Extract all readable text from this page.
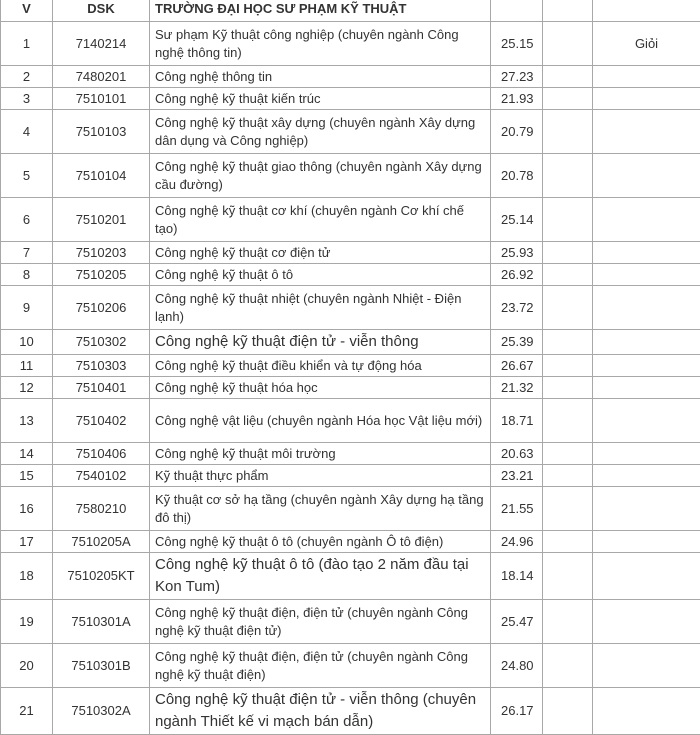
V	DSK	TRƯỜNG ĐẠI HỌC SƯ PHẠM KỸ THUẬT			
1	7140214	Sư phạm Kỹ thuật công nghiệp (chuyên ngành Công nghệ thông tin)	25.15		Giỏi
2	7480201	Công nghệ thông tin	27.23		
3	7510101	Công nghệ kỹ thuật kiến trúc	21.93		
4	7510103	Công nghệ kỹ thuật xây dựng (chuyên ngành Xây dựng dân dụng và Công nghiệp)	20.79		
5	7510104	Công nghệ kỹ thuật giao thông (chuyên ngành Xây dựng cầu đường)	20.78		
6	7510201	Công nghệ kỹ thuật cơ khí (chuyên ngành Cơ khí chế tạo)	25.14		
7	7510203	Công nghệ kỹ thuật cơ điện tử	25.93		
8	7510205	Công nghệ kỹ thuật ô tô	26.92		
9	7510206	Công nghệ kỹ thuật nhiệt (chuyên ngành Nhiệt - Điện lạnh)	23.72		
10	7510302	Công nghệ kỹ thuật điện tử - viễn thông	25.39		
11	7510303	Công nghệ kỹ thuật điều khiển và tự động hóa	26.67		
12	7510401	Công nghệ kỹ thuật hóa học	21.32		
13	7510402	Công nghệ vật liệu (chuyên ngành Hóa học Vật liệu mới)	18.71		
14	7510406	Công nghệ kỹ thuật môi trường	20.63		
15	7540102	Kỹ thuật thực phẩm	23.21		
16	7580210	Kỹ thuật cơ sở hạ tầng (chuyên ngành Xây dựng hạ tầng đô thị)	21.55		
17	7510205A	Công nghệ kỹ thuật ô tô (chuyên ngành Ô tô điện)	24.96		
18	7510205KT	Công nghệ kỹ thuật ô tô (đào tạo 2 năm đầu tại Kon Tum)	18.14		
19	7510301A	Công nghệ kỹ thuật điện, điện tử (chuyên ngành Công nghệ kỹ thuật điện tử)	25.47		
20	7510301B	Công nghệ kỹ thuật điện, điện tử (chuyên ngành Công nghệ kỹ thuật điện)	24.80		
21	7510302A	Công nghệ kỹ thuật điện tử - viễn thông (chuyên ngành Thiết kế vi mạch bán dẫn)	26.17		
